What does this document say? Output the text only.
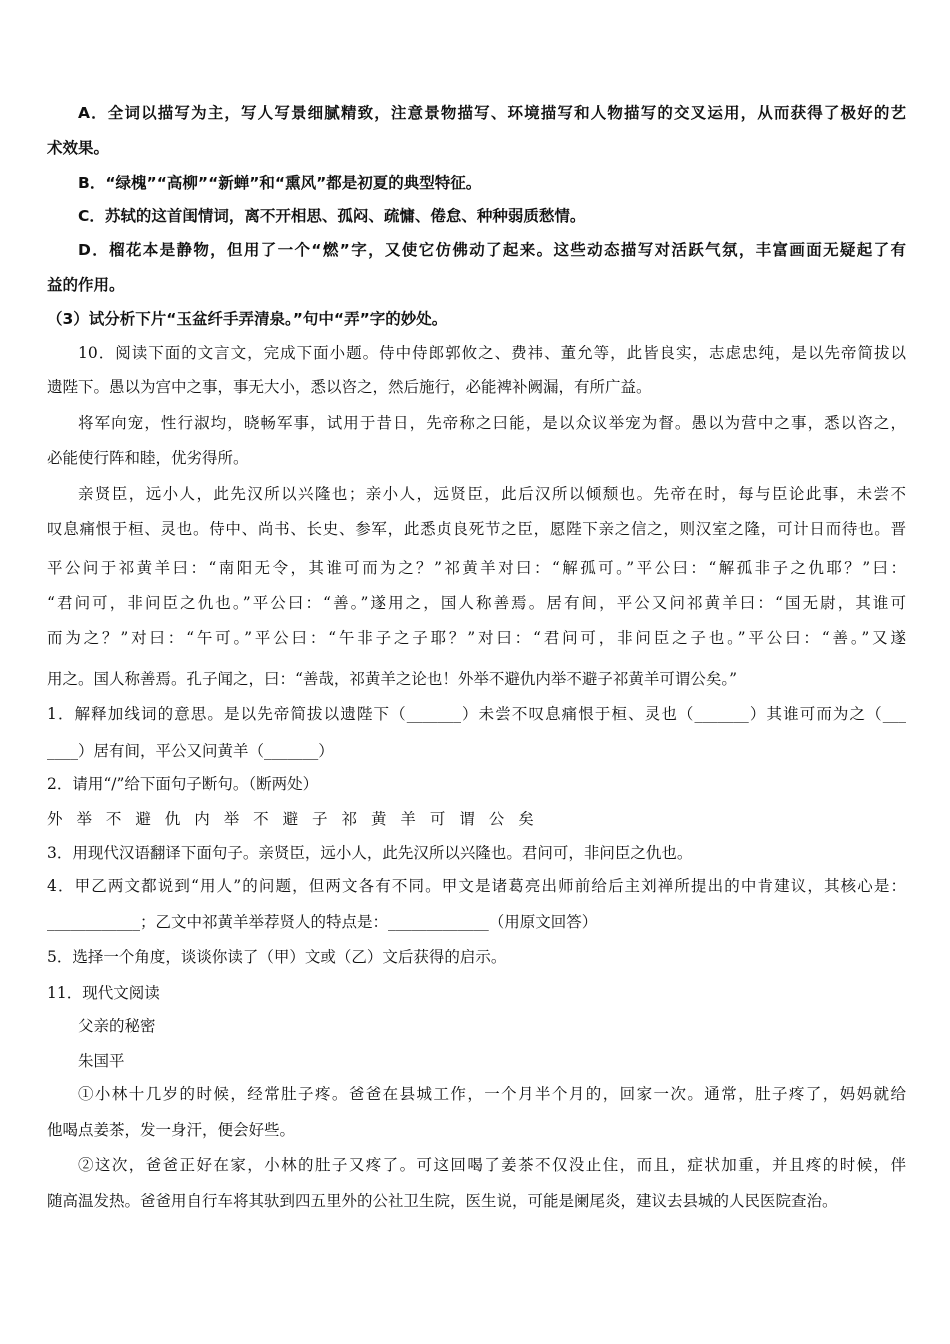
A．全词以描写为主，写人写景细腻精致，注意景物描写、环境描写和人物描写的交叉运用，从而获得了极好的艺

术效果。

B．“绿槐”“高柳”“新蝉”和“熏风”都是初夏的典型特征。

C．苏轼的这首闺情词，离不开相思、孤闷、疏慵、倦怠、种种弱质愁情。

D．榴花本是静物，但用了一个“燃”字，又使它仿佛动了起来。这些动态描写对活跃气氛，丰富画面无疑起了有

益的作用。

（3）试分析下片“玉盆纤手弄清泉。”句中“弄”字的妙处。

10．阅读下面的文言文，完成下面小题。侍中侍郎郭攸之、费祎、董允等，此皆良实，志虑忠纯，是以先帝简拔以

遗陛下。愚以为宫中之事，事无大小，悉以咨之，然后施行，必能裨补阙漏，有所广益。

将军向宠，性行淑均，晓畅军事，试用于昔日，先帝称之曰能，是以众议举宠为督。愚以为营中之事，悉以咨之，

必能使行阵和睦，优劣得所。

亲贤臣，远小人，此先汉所以兴隆也；亲小人，远贤臣，此后汉所以倾颓也。先帝在时，每与臣论此事，未尝不

叹息痛恨于桓、灵也。侍中、尚书、长史、参军，此悉贞良死节之臣，愿陛下亲之信之，则汉室之隆，可计日而待也。晋

平公问于祁黄羊曰：“南阳无令，其谁可而为之？”祁黄羊对曰：“解孤可。”平公曰：“解孤非子之仇耶？”曰：

“君问可，非问臣之仇也。”平公曰：“善。”遂用之，国人称善焉。居有间，平公又问祁黄羊曰：“国无尉，其谁可

而为之？”对曰：“午可。”平公曰：“午非子之子耶？”对曰：“君问可，非问臣之子也。”平公曰：“善。”又遂

用之。国人称善焉。孔子闻之，曰：“善哉，祁黄羊之论也！外举不避仇内举不避子祁黄羊可谓公矣。”

1．解释加线词的意思。是以先帝简拔以遗陛下（_______）未尝不叹息痛恨于桓、灵也（_______）其谁可而为之（___

____）居有间，平公又问黄羊（_______）

2．请用“/”给下面句子断句。（断两处）

外举不避仇内举不避子祁黄羊可谓公矣

3．用现代汉语翻译下面句子。亲贤臣，远小人，此先汉所以兴隆也。君问可，非问臣之仇也。

4．甲乙两文都说到“用人”的问题，但两文各有不同。甲文是诸葛亮出师前给后主刘禅所提出的中肯建议，其核心是：

____________；乙文中祁黄羊举荐贤人的特点是：_____________（用原文回答）

5．选择一个角度，谈谈你读了（甲）文或（乙）文后获得的启示。

11．现代文阅读

父亲的秘密

朱国平

①小林十几岁的时候，经常肚子疼。爸爸在县城工作，一个月半个月的，回家一次。通常，肚子疼了，妈妈就给

他喝点姜茶，发一身汗，便会好些。

②这次，爸爸正好在家，小林的肚子又疼了。可这回喝了姜茶不仅没止住，而且，症状加重，并且疼的时候，伴

随高温发热。爸爸用自行车将其驮到四五里外的公社卫生院，医生说，可能是阑尾炎，建议去县城的人民医院查治。
